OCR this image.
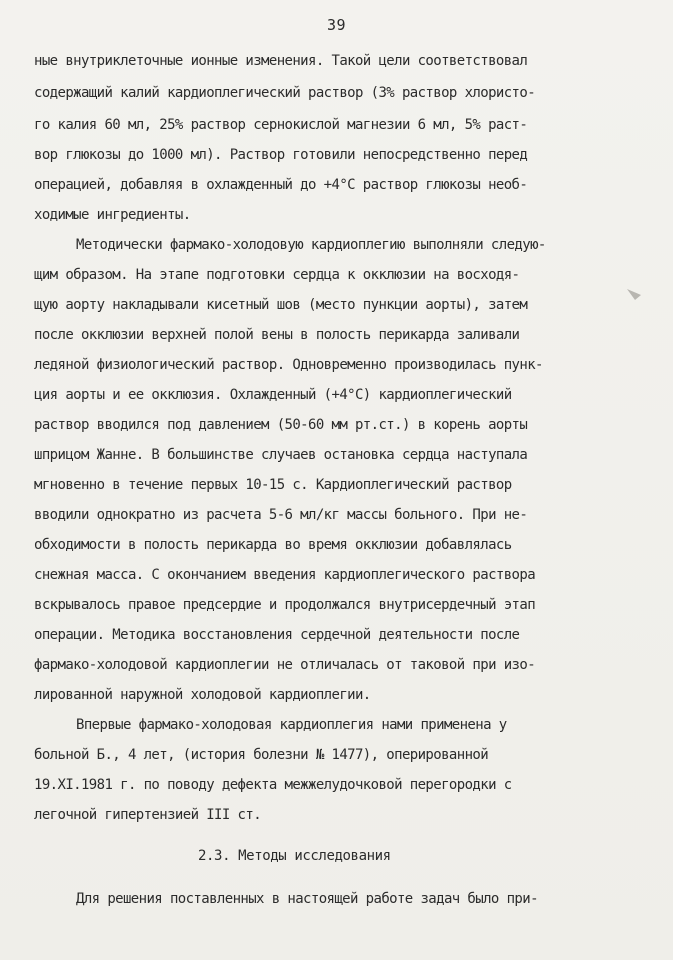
39
ные внутриклеточные ионные изменения. Такой цели соответствовал
содержащий калий кардиоплегический раствор (3% раствор хлористо-
го калия 60 мл, 25% раствор сернокислой магнезии 6 мл, 5% раст-
вор глюкозы до 1000 мл). Раствор готовили непосредственно перед
операцией, добавляя в охлажденный до +4°С раствор глюкозы необ-
ходимые ингредиенты.
Методически фармако-холодовую кардиоплегию выполняли следую-
щим образом. На этапе подготовки сердца к окклюзии на восходя-
щую аорту накладывали кисетный шов (место пункции аорты), затем
после окклюзии верхней полой вены в полость перикарда заливали
ледяной физиологический раствор. Одновременно производилась пунк-
ция аорты и ее окклюзия. Охлажденный (+4°С) кардиоплегический
раствор вводился под давлением (50-60 мм рт.ст.) в корень аорты
шприцом Жанне. В большинстве случаев остановка сердца наступала
мгновенно в течение первых 10-15 с. Кардиоплегический раствор
вводили однократно из расчета 5-6 мл/кг массы больного. При не-
обходимости в полость перикарда во время окклюзии добавлялась
снежная масса. С окончанием введения кардиоплегического раствора
вскрывалось правое предсердие и продолжался внутрисердечный этап
операции. Методика восстановления сердечной деятельности после
фармако-холодовой кардиоплегии не отличалась от таковой при изо-
лированной наружной холодовой кардиоплегии.
Впервые фармако-холодовая кардиоплегия нами применена у
больной Б., 4 лет, (история болезни № 1477), оперированной
19.XI.1981 г. по поводу дефекта межжелудочковой перегородки с
легочной гипертензией III ст.
2.3. Методы исследования
Для решения поставленных в настоящей работе задач было при-
